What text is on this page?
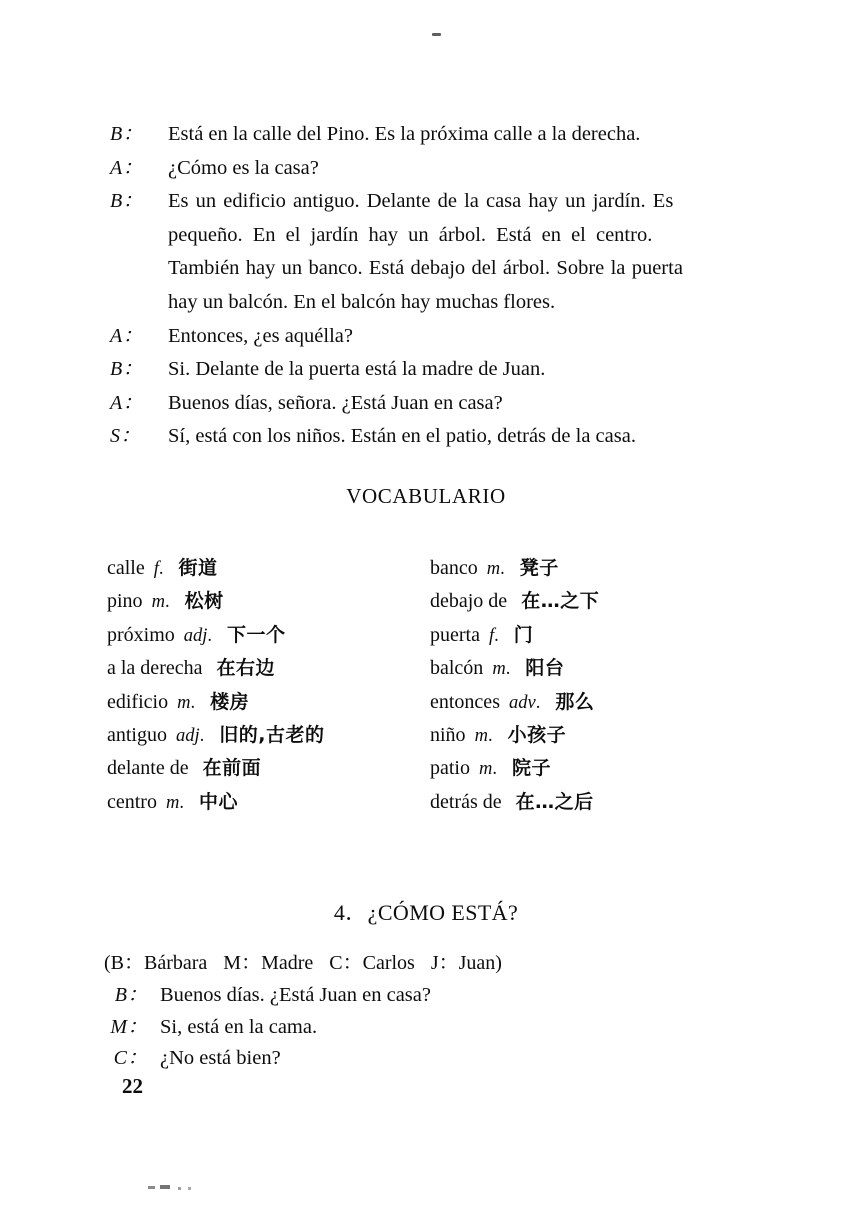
B：	Está en la calle del Pino. Es la próxima calle a la derecha.
A：	¿Cómo es la casa?
B：	Es un edificio antiguo. Delante de la casa hay un jardín. Es
pequeño. En el jardín hay un árbol. Está en el centro.
También hay un banco. Está debajo del árbol. Sobre la puerta
hay un balcón. En el balcón hay muchas flores.
A：	Entonces, ¿es aquélla?
B：	Si. Delante de la puerta está la madre de Juan.
A：	Buenos días, señora. ¿Está Juan en casa?
S：	Sí, está con los niños. Están en el patio, detrás de la casa.
VOCABULARIO
calle f . 街道
pino m . 松树
próximo adj . 下一个
a la derecha 在右边
edificio m . 楼房
antiguo adj . 旧的,古老的
delante de 在前面
centro m . 中心
banco m . 凳子
debajo de 在…之下
puerta f . 门
balcón m . 阳台
entonces adv . 那么
niño m . 小孩子
patio m . 院子
detrás de 在…之后
4．¿CÓMO ESTÁ?
(B：Bárbara M：Madre C：Carlos J：Juan)
B： Buenos días. ¿Está Juan en casa?
M： Si, está en la cama.
C： ¿No está bien?
22
